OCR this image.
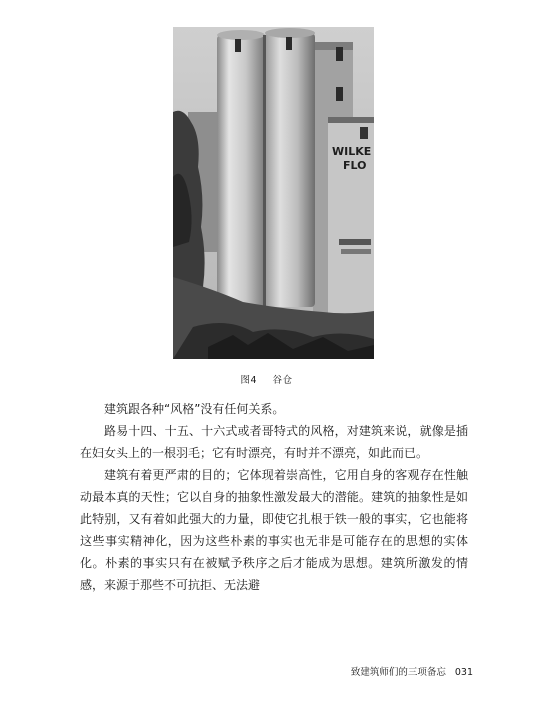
WILKE
FLO
图4 谷仓

建筑跟各种“风格”没有任何关系。

路易十四、十五、十六式或者哥特式的风格，对建筑来说，就像是插在妇女头上的一根羽毛；它有时漂亮，有时并不漂亮，如此而已。

建筑有着更严肃的目的；它体现着崇高性，它用自身的客观存在性触动最本真的天性；它以自身的抽象性激发最大的潜能。建筑的抽象性是如此特别，又有着如此强大的力量，即使它扎根于铁一般的事实，它也能将这些事实精神化，因为这些朴素的事实也无非是可能存在的思想的实体化。朴素的事实只有在被赋予秩序之后才能成为思想。建筑所激发的情感，来源于那些不可抗拒、无法避

致建筑师们的三项备忘 031
